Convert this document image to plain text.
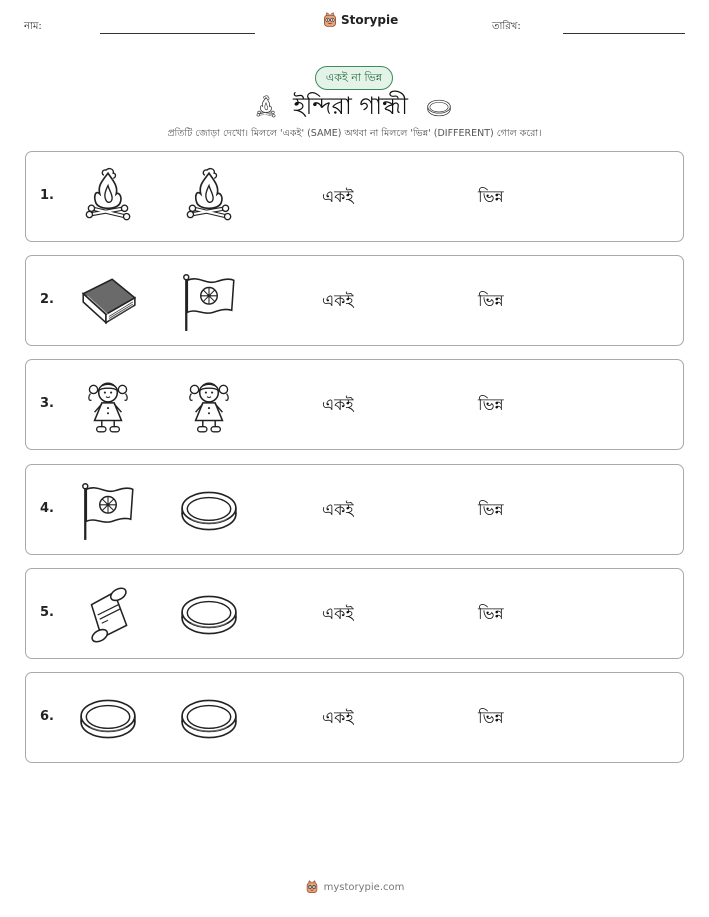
নাম:	Storypie	তারিখ:
একই না ভিন্ন
ইন্দিরা গান্ধী
প্রতিটি জোড়া দেখো। মিললে 'একই' (SAME) অথবা না মিললে 'ভিন্ন' (DIFFERENT) গোল করো।
1.	একই	ভিন্ন
2.	একই	ভিন্ন
3.	একই	ভিন্ন
4.	একই	ভিন্ন
5.	একই	ভিন্ন
6.	একই	ভিন্ন
mystorypie.com
